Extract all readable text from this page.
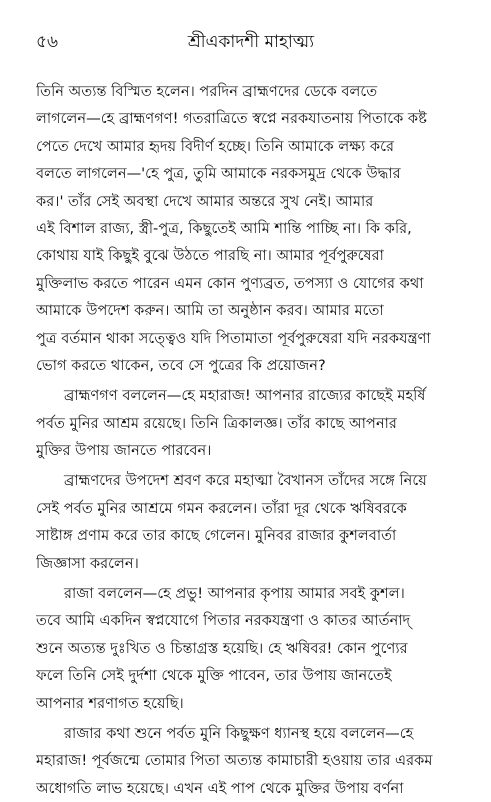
৫৬	শ্রীএকাদশী মাহাত্ম্য
তিনি অত্যন্ত বিস্মিত হলেন। পরদিন ব্রাহ্মণদের ডেকে বলতে
লাগলেন—হে ব্রাহ্মণগণ! গতরাত্রিতে স্বপ্নে নরকযাতনায় পিতাকে কষ্ট
পেতে দেখে আমার হৃদয় বিদীর্ণ হচ্ছে। তিনি আমাকে লক্ষ্য করে
বলতে লাগলেন—'হে পুত্র, তুমি আমাকে নরকসমুদ্র থেকে উদ্ধার
কর।' তাঁর সেই অবস্থা দেখে আমার অন্তরে সুখ নেই। আমার
এই বিশাল রাজ্য, স্ত্রী-পুত্র, কিছুতেই আমি শান্তি পাচ্ছি না। কি করি,
কোথায় যাই কিছুই বুঝে উঠতে পারছি না। আমার পূর্বপুরুষেরা
মুক্তিলাভ করতে পারেন এমন কোন পুণ্যব্রত, তপস্যা ও যোগের কথা
আমাকে উপদেশ করুন। আমি তা অনুষ্ঠান করব। আমার মতো
পুত্র বর্তমান থাকা সত্ত্বেও যদি পিতামাতা পূর্বপুরুষেরা যদি নরকযন্ত্রণা
ভোগ করতে থাকেন, তবে সে পুত্রের কি প্রয়োজন?
ব্রাহ্মণগণ বললেন—হে মহারাজ! আপনার রাজ্যের কাছেই মহর্ষি
পর্বত মুনির আশ্রম রয়েছে। তিনি ত্রিকালজ্ঞ। তাঁর কাছে আপনার
মুক্তির উপায় জানতে পারবেন।
ব্রাহ্মণদের উপদেশ শ্রবণ করে মহাত্মা বৈখানস তাঁদের সঙ্গে নিয়ে
সেই পর্বত মুনির আশ্রমে গমন করলেন। তাঁরা দূর থেকে ঋষিবরকে
সাষ্টাঙ্গ প্রণাম করে তার কাছে গেলেন। মুনিবর রাজার কুশলবার্তা
জিজ্ঞাসা করলেন।
রাজা বললেন—হে প্রভু! আপনার কৃপায় আমার সবই কুশল।
তবে আমি একদিন স্বপ্নযোগে পিতার নরকযন্ত্রণা ও কাতর আর্তনাদ্
শুনে অত্যন্ত দুঃখিত ও চিন্তাগ্রস্ত হয়েছি। হে ঋষিবর! কোন পুণ্যের
ফলে তিনি সেই দুর্দশা থেকে মুক্তি পাবেন, তার উপায় জানতেই
আপনার শরণাগত হয়েছি।
রাজার কথা শুনে পর্বত মুনি কিছুক্ষণ ধ্যানস্থ হয়ে বললেন—হে
মহারাজ! পূর্বজন্মে তোমার পিতা অত্যন্ত কামাচারী হওয়ায় তার এরকম
অধোগতি লাভ হয়েছে। এখন এই পাপ থেকে মুক্তির উপায় বর্ণনা
